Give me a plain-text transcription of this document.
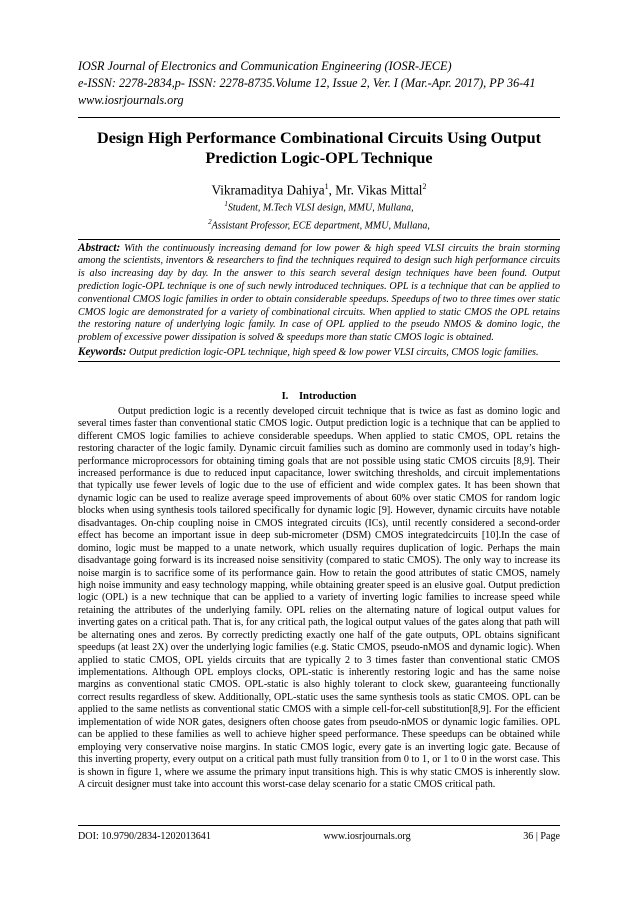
IOSR Journal of Electronics and Communication Engineering (IOSR-JECE)
e-ISSN: 2278-2834,p- ISSN: 2278-8735.Volume 12, Issue 2, Ver. I (Mar.-Apr. 2017), PP 36-41
www.iosrjournals.org
Design High Performance Combinational Circuits Using Output Prediction Logic-OPL Technique
Vikramaditya Dahiya$^1$, Mr. Vikas Mittal$^2$
$^1$Student, M.Tech VLSI design, MMU, Mullana,
$^2$Assistant Professor, ECE department, MMU, Mullana,
Abstract: With the continuously increasing demand for low power & high speed VLSI circuits the brain storming among the scientists, inventors & researchers to find the techniques required to design such high performance circuits is also increasing day by day. In the answer to this search several design techniques have been found. Output prediction logic-OPL technique is one of such newly introduced techniques. OPL is a technique that can be applied to conventional CMOS logic families in order to obtain considerable speedups. Speedups of two to three times over static CMOS logic are demonstrated for a variety of combinational circuits. When applied to static CMOS the OPL retains the restoring nature of underlying logic family. In case of OPL applied to the pseudo NMOS & domino logic, the problem of excessive power dissipation is solved & speedups more than static CMOS logic is obtained.
Keywords: Output prediction logic-OPL technique, high speed & low power VLSI circuits, CMOS logic families.
I. Introduction
Output prediction logic is a recently developed circuit technique that is twice as fast as domino logic and several times faster than conventional static CMOS logic. Output prediction logic is a technique that can be applied to different CMOS logic families to achieve considerable speedups. When applied to static CMOS, OPL retains the restoring character of the logic family. Dynamic circuit families such as domino are commonly used in today’s high-performance microprocessors for obtaining timing goals that are not possible using static CMOS circuits [8,9]. Their increased performance is due to reduced input capacitance, lower switching thresholds, and circuit implementations that typically use fewer levels of logic due to the use of efficient and wide complex gates. It has been shown that dynamic logic can be used to realize average speed improvements of about 60% over static CMOS for random logic blocks when using synthesis tools tailored specifically for dynamic logic [9]. However, dynamic circuits have notable disadvantages. On-chip coupling noise in CMOS integrated circuits (ICs), until recently considered a second-order effect has become an important issue in deep sub-micrometer (DSM) CMOS integratedcircuits [10].In the case of domino, logic must be mapped to a unate network, which usually requires duplication of logic. Perhaps the main disadvantage going forward is its increased noise sensitivity (compared to static CMOS). The only way to increase its noise margin is to sacrifice some of its performance gain. How to retain the good attributes of static CMOS, namely high noise immunity and easy technology mapping, while obtaining greater speed is an elusive goal. Output prediction logic (OPL) is a new technique that can be applied to a variety of inverting logic families to increase speed while retaining the attributes of the underlying family. OPL relies on the alternating nature of logical output values for inverting gates on a critical path. That is, for any critical path, the logical output values of the gates along that path will be alternating ones and zeros. By correctly predicting exactly one half of the gate outputs, OPL obtains significant speedups (at least 2X) over the underlying logic families (e.g. Static CMOS, pseudo-nMOS and dynamic logic). When applied to static CMOS, OPL yields circuits that are typically 2 to 3 times faster than conventional static CMOS implementations. Although OPL employs clocks, OPL-static is inherently restoring logic and has the same noise margins as conventional static CMOS. OPL-static is also highly tolerant to clock skew, guaranteeing functionally correct results regardless of skew. Additionally, OPL-static uses the same synthesis tools as static CMOS. OPL can be applied to the same netlists as conventional static CMOS with a simple cell-for-cell substitution[8,9]. For the efficient implementation of wide NOR gates, designers often choose gates from pseudo-nMOS or dynamic logic families. OPL can be applied to these families as well to achieve higher speed performance. These speedups can be obtained while employing very conservative noise margins. In static CMOS logic, every gate is an inverting logic gate. Because of this inverting property, every output on a critical path must fully transition from 0 to 1, or 1 to 0 in the worst case. This is shown in figure 1, where we assume the primary input transitions high. This is why static CMOS is inherently slow. A circuit designer must take into account this worst-case delay scenario for a static CMOS critical path.
DOI: 10.9790/2834-1202013641	www.iosrjournals.org	36 | Page
